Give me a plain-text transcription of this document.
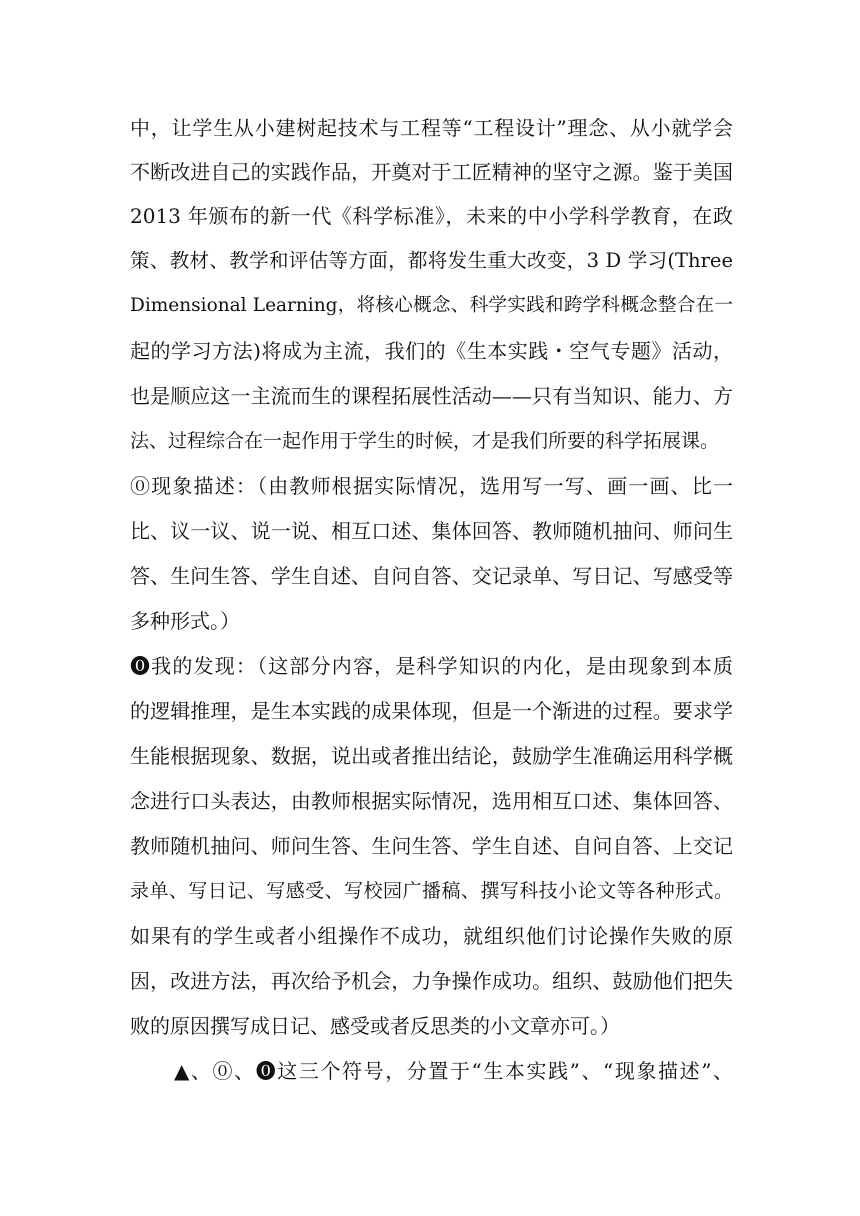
中，让学生从小建树起技术与工程等“工程设计”理念、从小就学会
不断改进自己的实践作品，开奠对于工匠精神的坚守之源。鉴于美国
2013 年颁布的新一代《科学标准》，未来的中小学科学教育，在政
策、教材、教学和评估等方面，都将发生重大改变，3 D 学习(Three
Dimensional Learning，将核心概念、科学实践和跨学科概念整合在一
起的学习方法)将成为主流，我们的《生本实践・空气专题》活动，
也是顺应这一主流而生的课程拓展性活动——只有当知识、能力、方
法、过程综合在一起作用于学生的时候，才是我们所要的科学拓展课。
⓪现象描述：（由教师根据实际情况，选用写一写、画一画、比一
比、议一议、说一说、相互口述、集体回答、教师随机抽问、师问生
答、生问生答、学生自述、自问自答、交记录单、写日记、写感受等
多种形式。）
⓿我的发现：（这部分内容，是科学知识的内化，是由现象到本质
的逻辑推理，是生本实践的成果体现，但是一个渐进的过程。要求学
生能根据现象、数据，说出或者推出结论，鼓励学生准确运用科学概
念进行口头表达，由教师根据实际情况，选用相互口述、集体回答、
教师随机抽问、师问生答、生问生答、学生自述、自问自答、上交记
录单、写日记、写感受、写校园广播稿、撰写科技小论文等各种形式。
如果有的学生或者小组操作不成功，就组织他们讨论操作失败的原
因，改进方法，再次给予机会，力争操作成功。组织、鼓励他们把失
败的原因撰写成日记、感受或者反思类的小文章亦可。）
▲、⓪、⓿这三个符号，分置于“生本实践”、“现象描述”、
